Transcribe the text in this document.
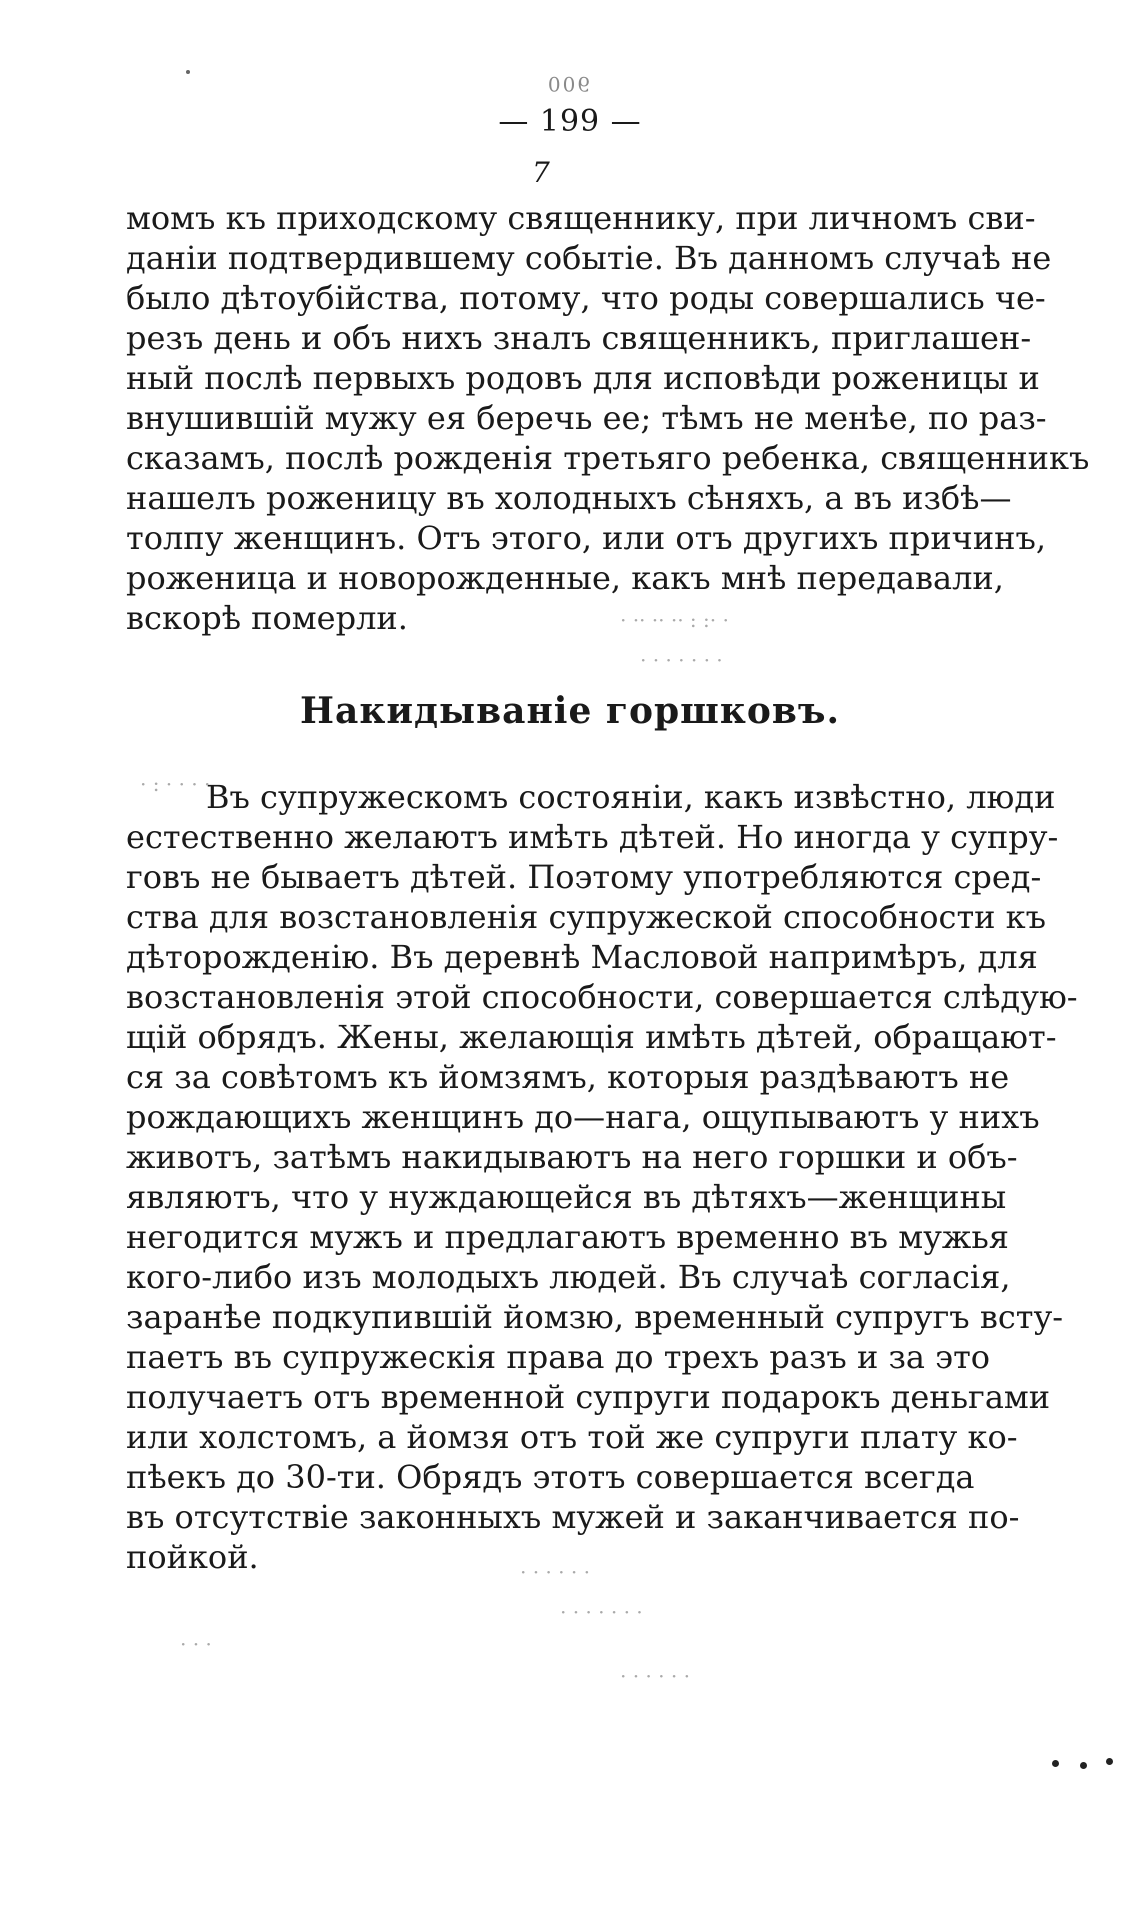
006
— 199 —
7
момъ къ приходскому священнику, при личномъ сви-
даніи подтвердившему событіе. Въ данномъ случаѣ не
было дѣтоубійства, потому, что роды совершались че-
резъ день и объ нихъ зналъ священникъ, приглашен-
ный послѣ первыхъ родовъ для исповѣди роженицы и
внушившій мужу ея беречь ее; тѣмъ не менѣе, по раз-
сказамъ, послѣ рожденія третьяго ребенка, священникъ
нашелъ роженицу въ холодныхъ сѣняхъ, а въ избѣ—
толпу женщинъ. Отъ этого, или отъ другихъ причинъ,
роженица и новорожденные, какъ мнѣ передавали,
вскорѣ померли.
Накидываніе горшковъ.
Въ супружескомъ состояніи, какъ извѣстно, люди
естественно желаютъ имѣть дѣтей. Но иногда у супру-
говъ не бываетъ дѣтей. Поэтому употребляются сред-
ства для возстановленія супружеской способности къ
дѣторожденію. Въ деревнѣ Масловой напримѣръ, для
возстановленія этой способности, совершается слѣдую-
щій обрядъ. Жены, желающія имѣть дѣтей, обращают-
ся за совѣтомъ къ йомзямъ, которыя раздѣваютъ не
рождающихъ женщинъ до—нага, ощупываютъ у нихъ
животъ, затѣмъ накидываютъ на него горшки и объ-
являютъ, что у нуждающейся въ дѣтяхъ—женщины
негодится мужъ и предлагаютъ временно въ мужья
кого-либо изъ молодыхъ людей. Въ случаѣ согласія,
заранѣе подкупившій йомзю, временный супругъ всту-
паетъ въ супружескія права до трехъ разъ и за это
получаетъ отъ временной супруги подарокъ деньгами
или холстомъ, а йомзя отъ той же супруги плату ко-
пѣекъ до 30-ти. Обрядъ этотъ совершается всегда
въ отсутствіе законныхъ мужей и заканчивается по-
пойкой.
· ·: : ·· ·· ·· ·
· · · · · · ·
· · · · : ·
· · · · · ·
· · · · · · ·
· · ·
· · · · · ·
